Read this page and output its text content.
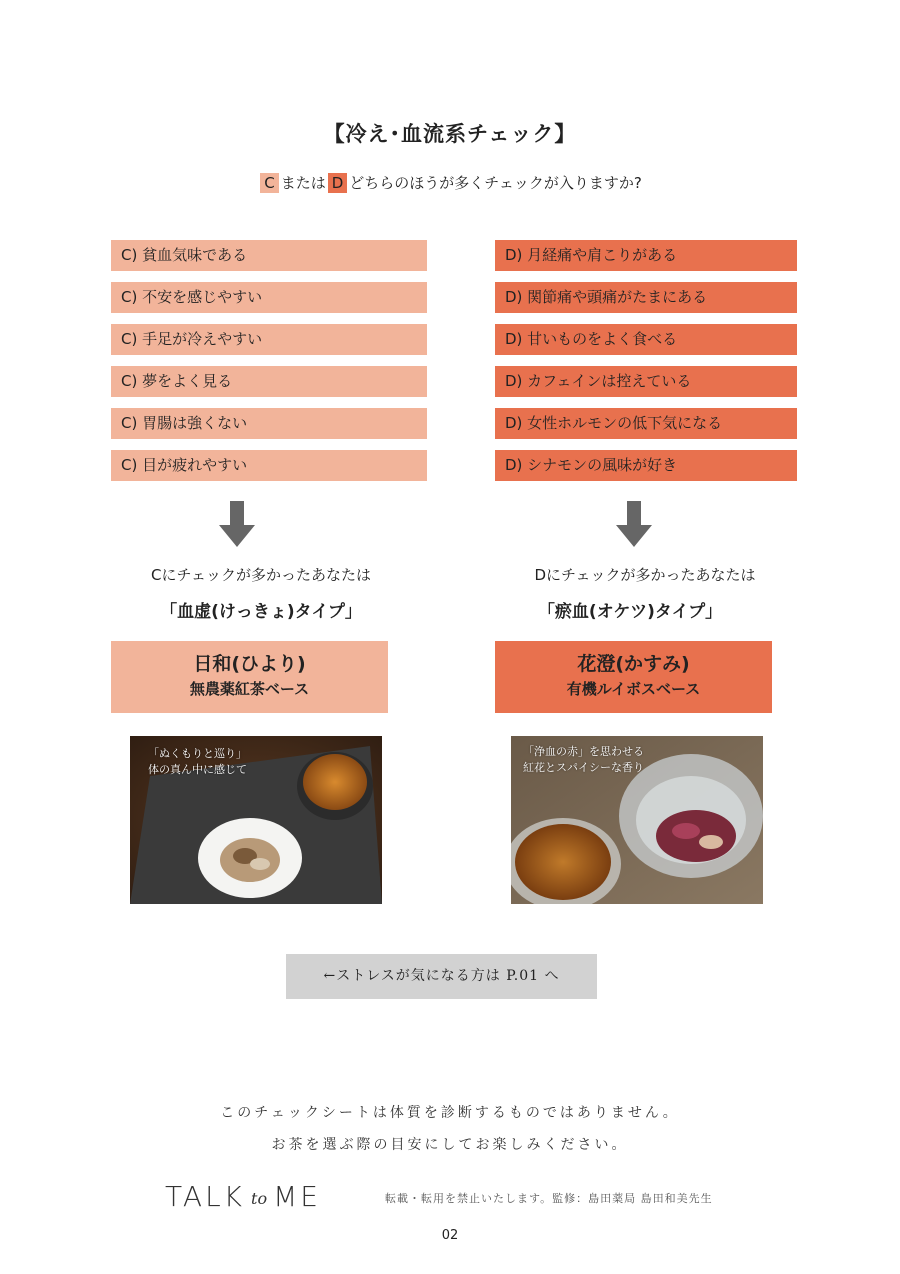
【冷え･血流系チェック】
C または D どちらのほうが多くチェックが入りますか?
C) 貧血気味である
C) 不安を感じやすい
C) 手足が冷えやすい
C) 夢をよく見る
C) 胃腸は強くない
C) 目が疲れやすい
D) 月経痛や肩こりがある
D) 関節痛や頭痛がたまにある
D) 甘いものをよく食べる
D) カフェインは控えている
D) 女性ホルモンの低下気になる
D) シナモンの風味が好き
Cにチェックが多かったあなたは
「血虚(けっきょ)タイプ」
Dにチェックが多かったあなたは
「瘀血(オケツ)タイプ」
日和(ひより)
無農薬紅茶ベース
花澄(かすみ)
有機ルイボスベース
「ぬくもりと巡り」
体の真ん中に感じて
「浄血の赤」を思わせる
紅花とスパイシーな香り
←ストレスが気になる方は P.01 へ
このチェックシートは体質を診断するものではありません。
お茶を選ぶ際の目安にしてお楽しみください。
TALK to ME	転載・転用を禁止いたします。監修：島田薬局 島田和美先生
02
